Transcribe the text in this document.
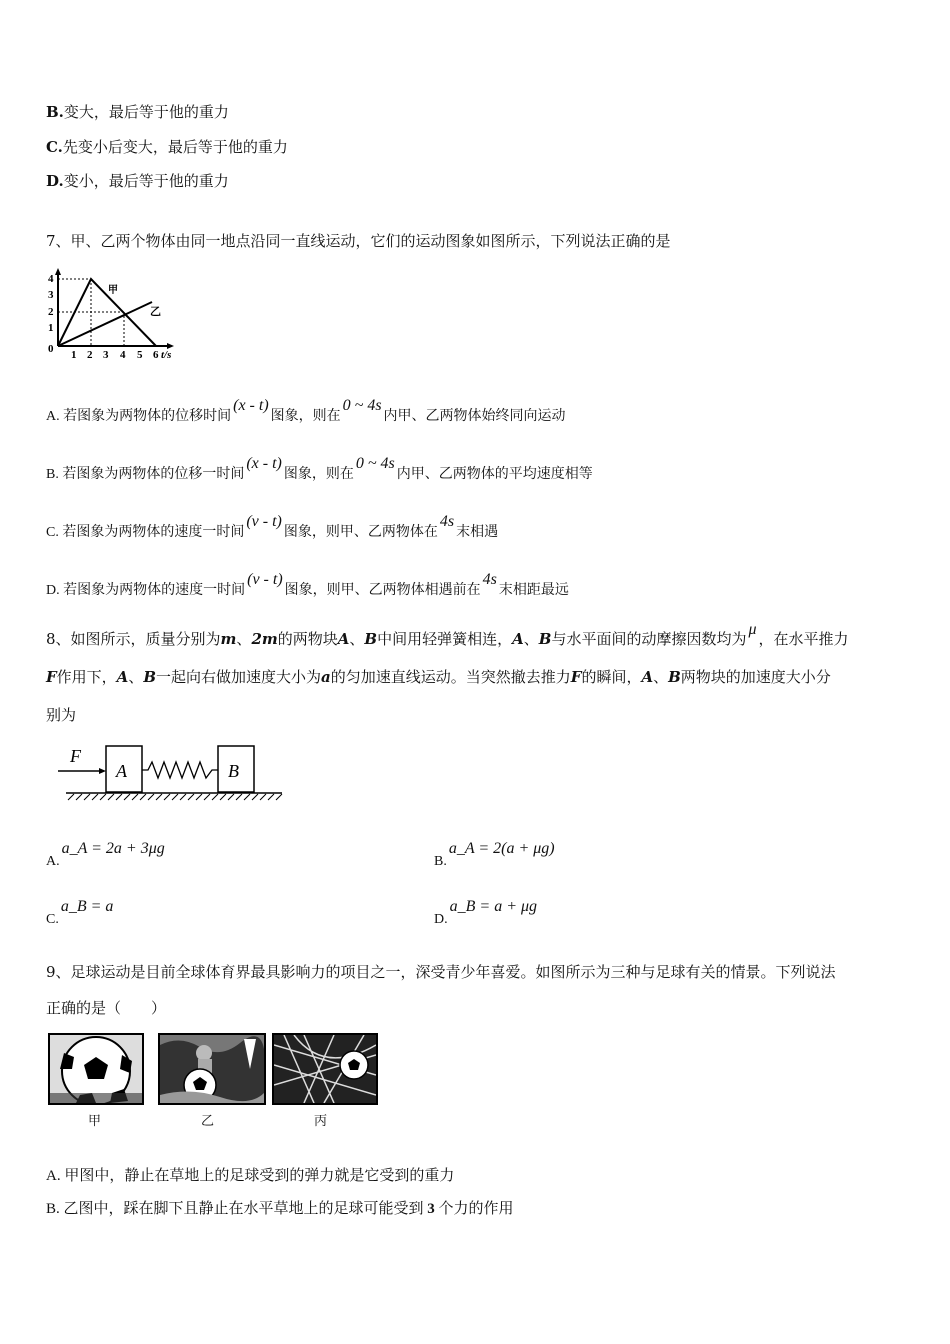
B.变大，最后等于他的重力
C.先变小后变大，最后等于他的重力
D.变小，最后等于他的重力
7、甲、乙两个物体由同一地点沿同一直线运动，它们的运动图象如图所示，下列说法正确的是
4
3
2
1
0 1 2 3 4 5 6 t/s
甲
乙
A. 若图象为两物体的位移时间(x - t)图象，则在0 ~ 4s内甲、乙两物体始终同向运动
B. 若图象为两物体的位移一时间(x - t)图象，则在0 ~ 4s内甲、乙两物体的平均速度相等
C. 若图象为两物体的速度一时间(v - t)图象，则甲、乙两物体在4s末相遇
D. 若图象为两物体的速度一时间(v - t)图象，则甲、乙两物体相遇前在4s末相距最远
8、如图所示，质量分别为m、2m的两物块A、B中间用轻弹簧相连，A、B与水平面间的动摩擦因数均为μ，在水平推力
F作用下，A、B一起向右做加速度大小为a的匀加速直线运动。当突然撤去推力F的瞬间，A、B两物块的加速度大小分
别为
F
A	B
A.a_A = 2a + 3μg
B.a_A = 2(a + μg)
C.a_B = a
D.a_B = a + μg
9、足球运动是目前全球体育界最具影响力的项目之一，深受青少年喜爱。如图所示为三种与足球有关的情景。下列说法
正确的是（　　）
甲	乙	丙
A. 甲图中，静止在草地上的足球受到的弹力就是它受到的重力
B. 乙图中，踩在脚下且静止在水平草地上的足球可能受到 3 个力的作用
